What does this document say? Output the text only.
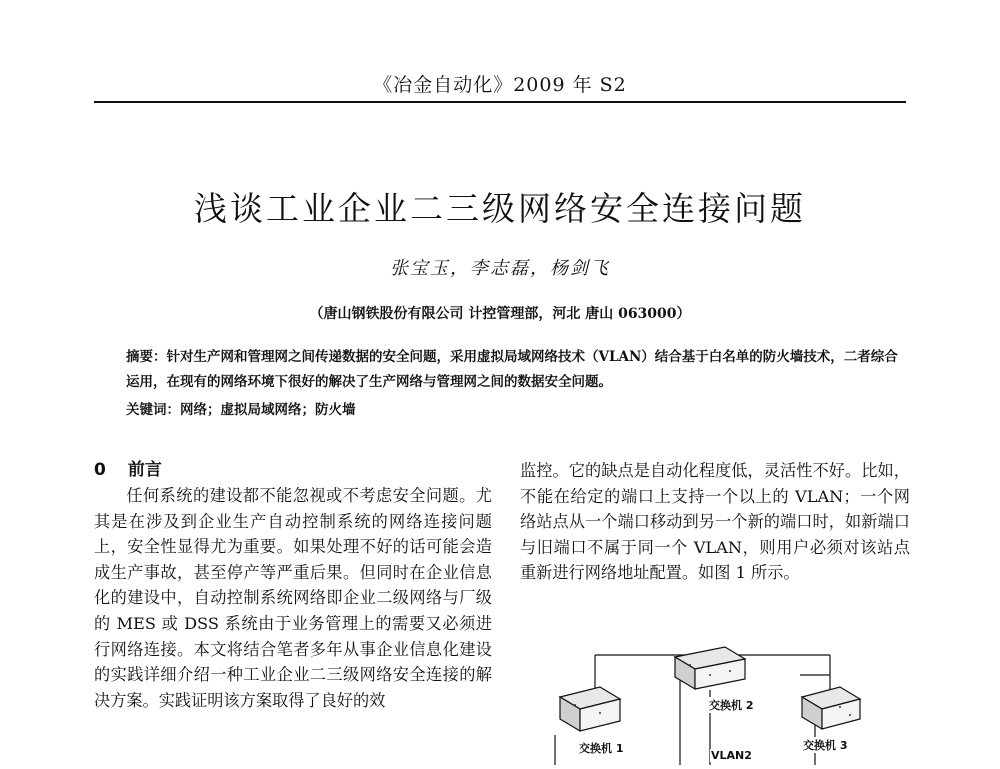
《冶金自动化》2009 年 S2
浅谈工业企业二三级网络安全连接问题
张宝玉，李志磊，杨剑飞
（唐山钢铁股份有限公司 计控管理部，河北 唐山 063000）
摘要：针对生产网和管理网之间传递数据的安全问题，采用虚拟局域网络技术（VLAN）结合基于白名单的防火墙技术，二者综合运用，在现有的网络环境下很好的解决了生产网络与管理网之间的数据安全问题。
关键词：网络；虚拟局域网络；防火墙
0 前言

任何系统的建设都不能忽视或不考虑安全问题。尤其是在涉及到企业生产自动控制系统的网络连接问题上，安全性显得尤为重要。如果处理不好的话可能会造成生产事故，甚至停产等严重后果。但同时在企业信息化的建设中，自动控制系统网络即企业二级网络与厂级的 MES 或 DSS 系统由于业务管理上的需要又必须进行网络连接。本文将结合笔者多年从事企业信息化建设的实践详细介绍一种工业企业二三级网络安全连接的解决方案。实践证明该方案取得了良好的效

监控。它的缺点是自动化程度低，灵活性不好。比如，不能在给定的端口上支持一个以上的 VLAN；一个网络站点从一个端口移动到另一个新的端口时，如新端口与旧端口不属于同一个 VLAN，则用户必须对该站点重新进行网络地址配置。如图 1 所示。

交换机 2
交换机 1	交换机 3
VLAN2
